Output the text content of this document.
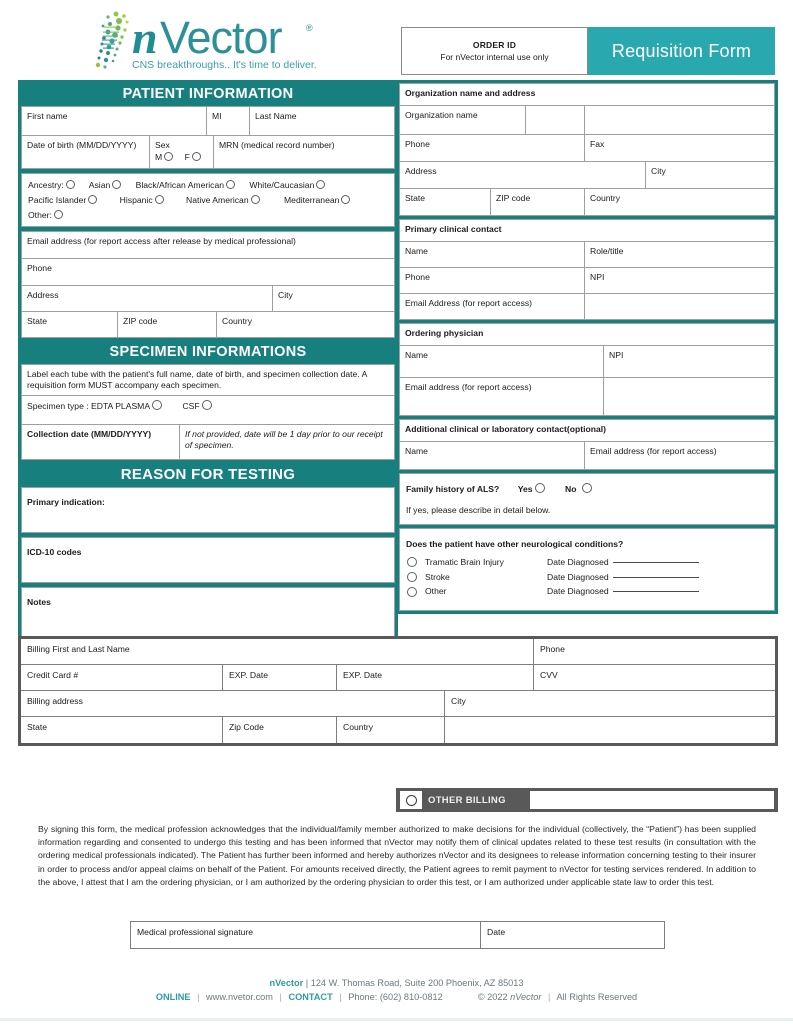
n Vector	®
CNS breakthroughs.. It's time to deliver.
ORDER ID
For nVector internal use only	Requisition Form
PATIENT INFORMATION
First name	MI	Last Name
Date of birth (MM/DD/YYYY)	Sex
M	F
MRN (medical record number)
Ancestry:	Asian	Black/African American	White/Caucasian
Pacific Islander	Hispanic	Native American	Mediterranean
Other:
Email address (for report access after release by medical professional)
Phone
Address	City
State	ZIP code	Country
SPECIMEN INFORMATIONS
Label each tube with the patient's full name, date of birth, and specimen collection date. A requisition form MUST accompany each specimen.
Specimen type : EDTA PLASMA	CSF
Collection date (MM/DD/YYYY)	If not provided, date will be 1 day prior to our receipt of specimen.
REASON FOR TESTING
Primary indication:
ICD-10 codes
Notes
Organization name and address
Organization name
Phone	Fax
Address	City
State	ZIP code	Country
Primary clinical contact
Name	Role/title
Phone	NPI
Email Address (for report access)
Ordering physician
Name	NPI
Email address (for report access)
Additional clinical or laboratory contact(optional)
Name	Email address (for report access)
Family history of ALS? Yes	No
If yes, please describe in detail below.
Does the patient have other neurological conditions?
Tramatic Brain Injury	Date Diagnosed
Stroke	Date Diagnosed
Other	Date Diagnosed
Billing First and Last Name	Phone
Credit Card #	EXP. Date	EXP. Date	CVV
Billing address	City
State	Zip Code	Country
OTHER BILLING
By signing this form, the medical profession acknowledges that the individual/family member authorized to make decisions for the individual (collectively, the “Patient”) has been supplied information regarding and consented to undergo this testing and has been informed that nVector may notify them of clinical updates related to these test results (in consultation with the ordering medical professionals indicated). The Patient has further been informed and hereby authorizes nVector and its designees to release information concerning testing to their insurer in order to process and/or appeal claims on behalf of the Patient. For amounts received directly, the Patient agrees to remit payment to nVector for testing services rendered. In addition to the above, I attest that I am the ordering physician, or I am authorized by the ordering physician to order this test, or I am authorized under applicable state law to order this test.
Medical professional signature	Date
nVector | 124 W. Thomas Road, Suite 200 Phoenix, AZ 85013
ONLINE | www.nvetor.com | CONTACT | Phone: (602) 810-0812	© 2022 nVector | All Rights Reserved
